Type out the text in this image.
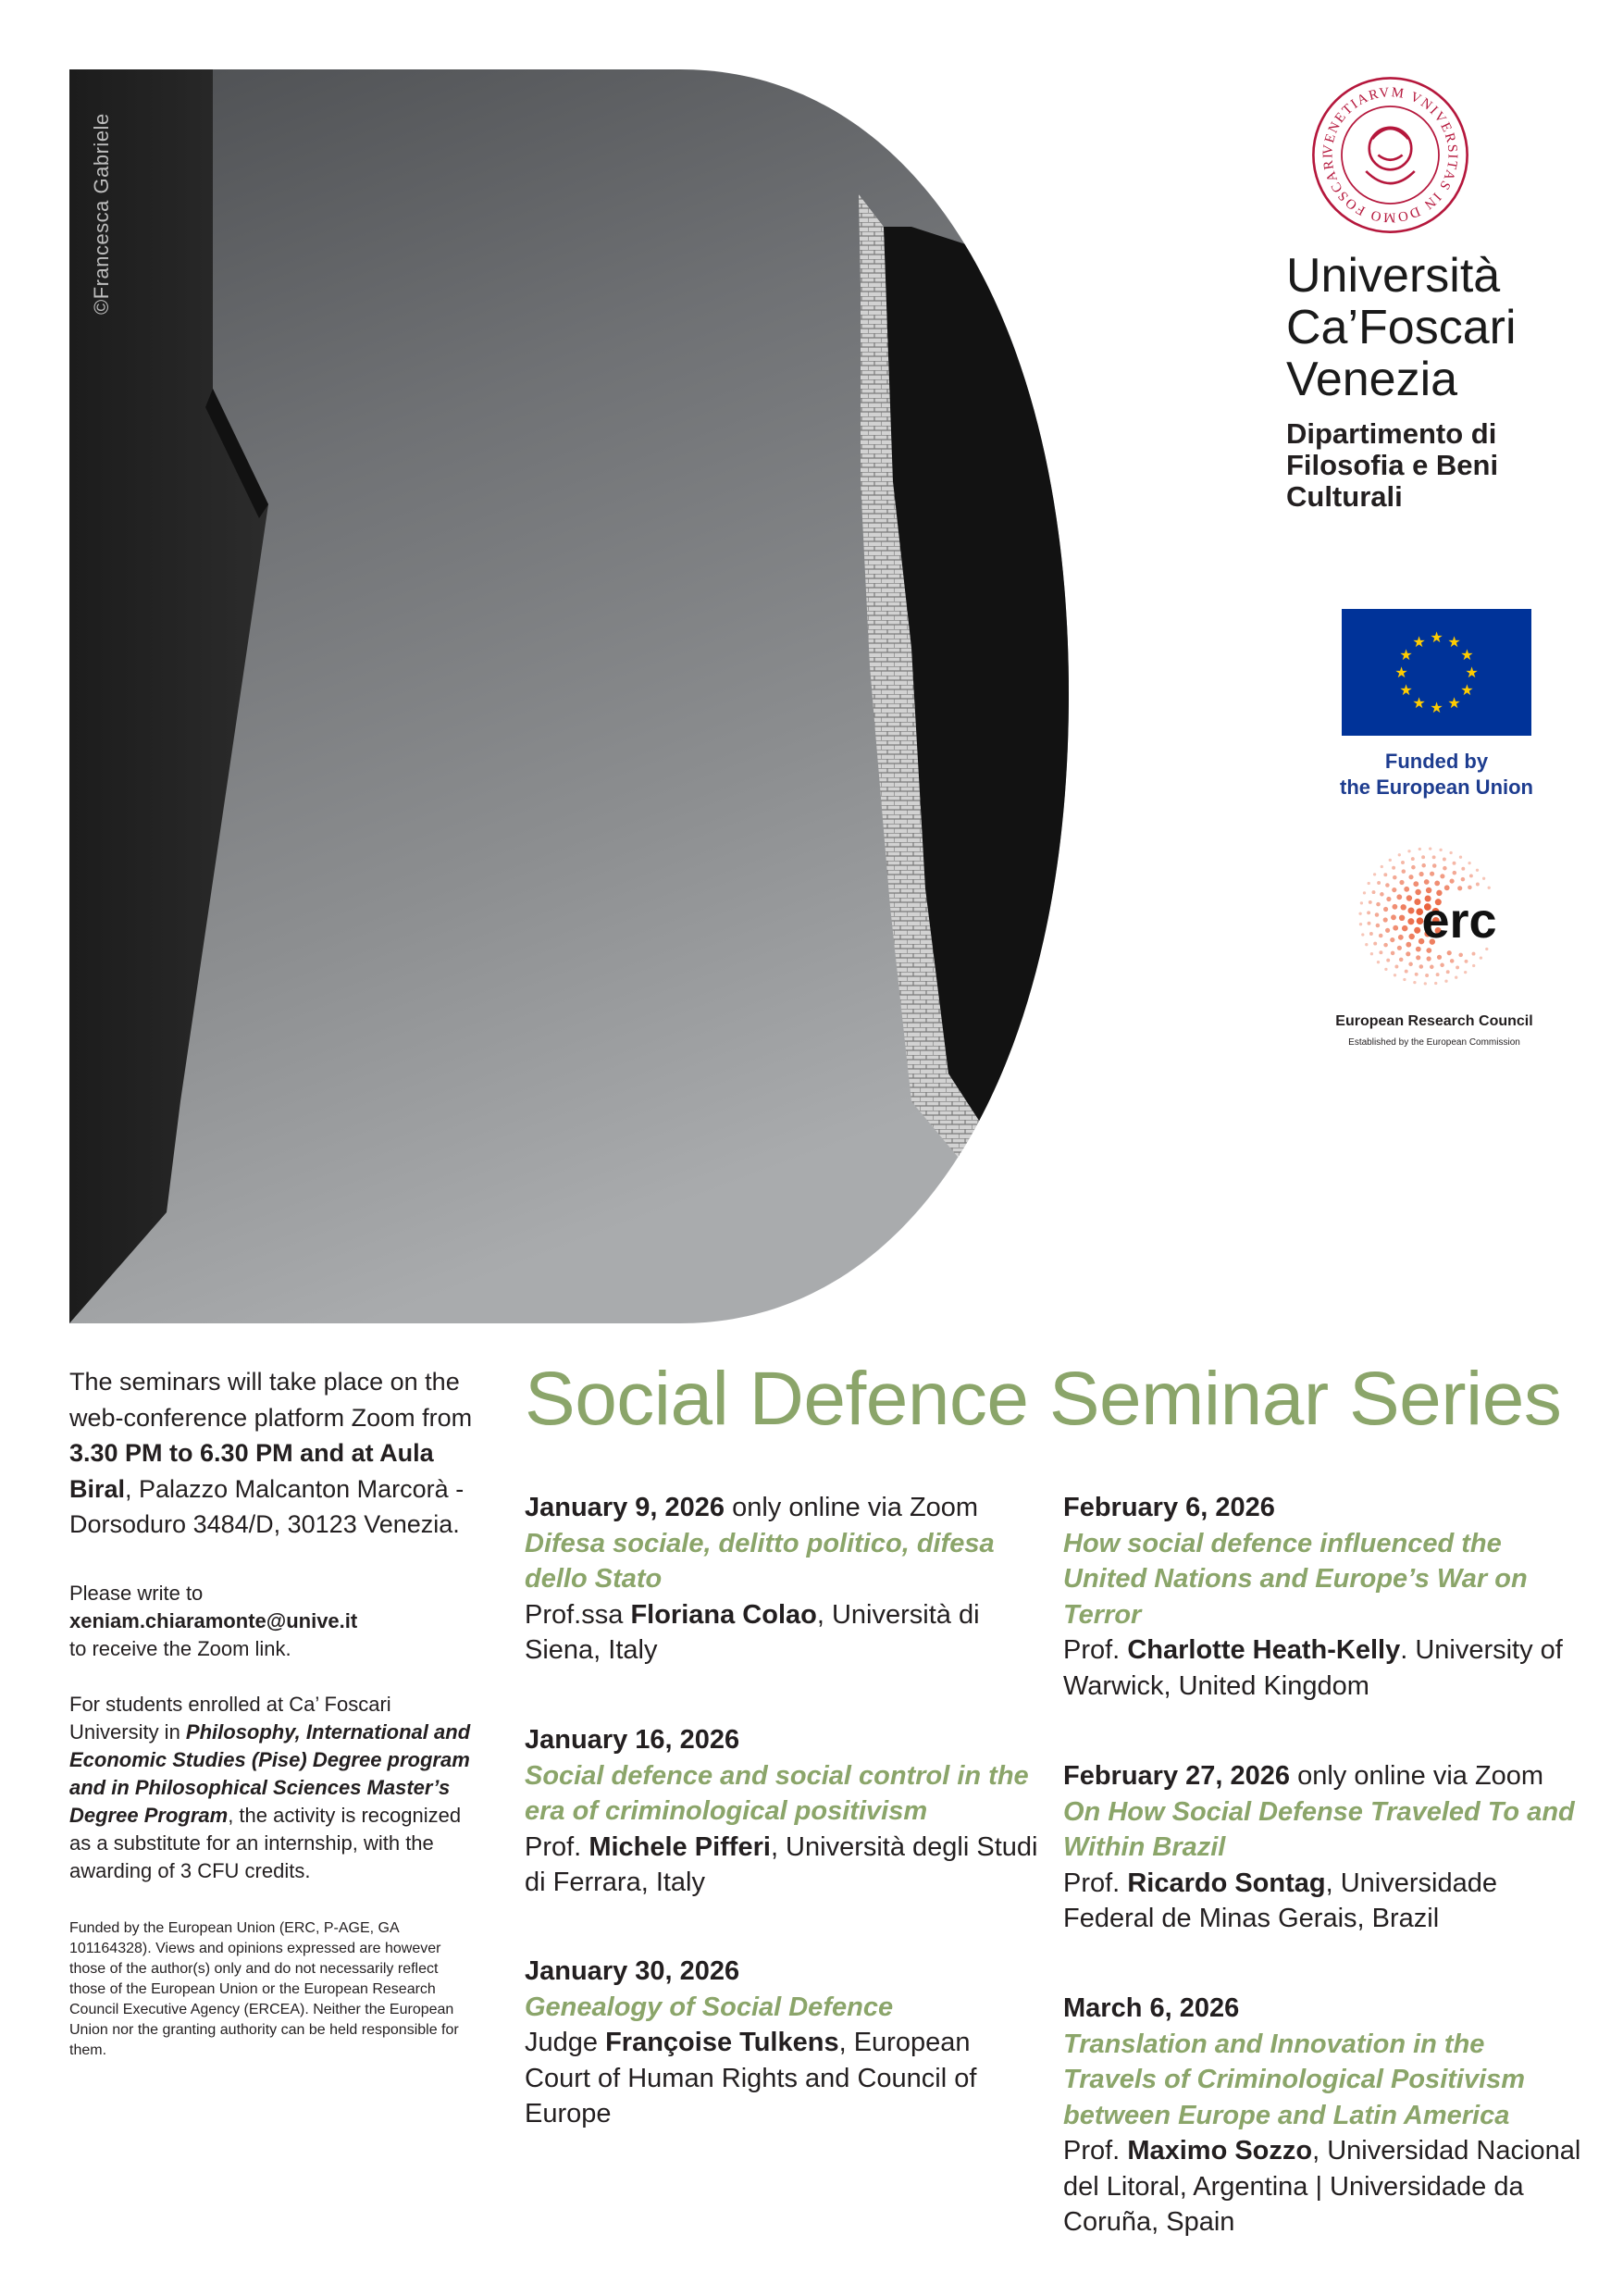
©Francesca Gabriele	VENETIARVM VNIVERSITAS IN DOMO FOSCARI
Università
Ca’Foscari
Venezia
Dipartimento di
Filosofia e Beni
Culturali
★ ★
★
★
★
★
★
★
★
★
★
★
Funded by
the European Union
erc
European Research Council
Established by the European Commission

The seminars will take place on the web-conference platform Zoom from 3.30 PM to 6.30 PM and at Aula Biral, Palazzo Malcanton Marcorà - Dorsoduro 3484/D, 30123 Venezia.

Please write to
xeniam.chiaramonte@unive.it
to receive the Zoom link.

For students enrolled at Ca’ Foscari University in Philosophy, International and Economic Studies (Pise) Degree program and in Philosophical Sciences Master’s Degree Program, the activity is recognized as a substitute for an internship, with the awarding of 3 CFU credits.

Funded by the European Union (ERC, P-AGE, GA 101164328). Views and opinions expressed are however those of the author(s) only and do not necessarily reflect those of the European Union or the European Research Council Executive Agency (ERCEA). Neither the European Union nor the granting authority can be held responsible for them.

Social Defence Seminar Series
January 9, 2026 only online via Zoom
Difesa sociale, delitto politico, difesa dello Stato
Prof.ssa Floriana Colao, Università di Siena, Italy
January 16, 2026
Social defence and social control in the era of criminological positivism
Prof. Michele Pifferi, Università degli Studi di Ferrara, Italy
January 30, 2026
Genealogy of Social Defence
Judge Françoise Tulkens, European Court of Human Rights and Council of Europe
February 6, 2026
How social defence influenced the United Nations and Europe’s War on Terror
Prof. Charlotte Heath-Kelly. University of Warwick, United Kingdom
February 27, 2026 only online via Zoom
On How Social Defense Traveled To and Within Brazil
Prof. Ricardo Sontag, Universidade Federal de Minas Gerais, Brazil
March 6, 2026
Translation and Innovation in the Travels of Criminological Positivism between Europe and Latin America
Prof. Maximo Sozzo, Universidad Nacional del Litoral, Argentina | Universidade da Coruña, Spain
